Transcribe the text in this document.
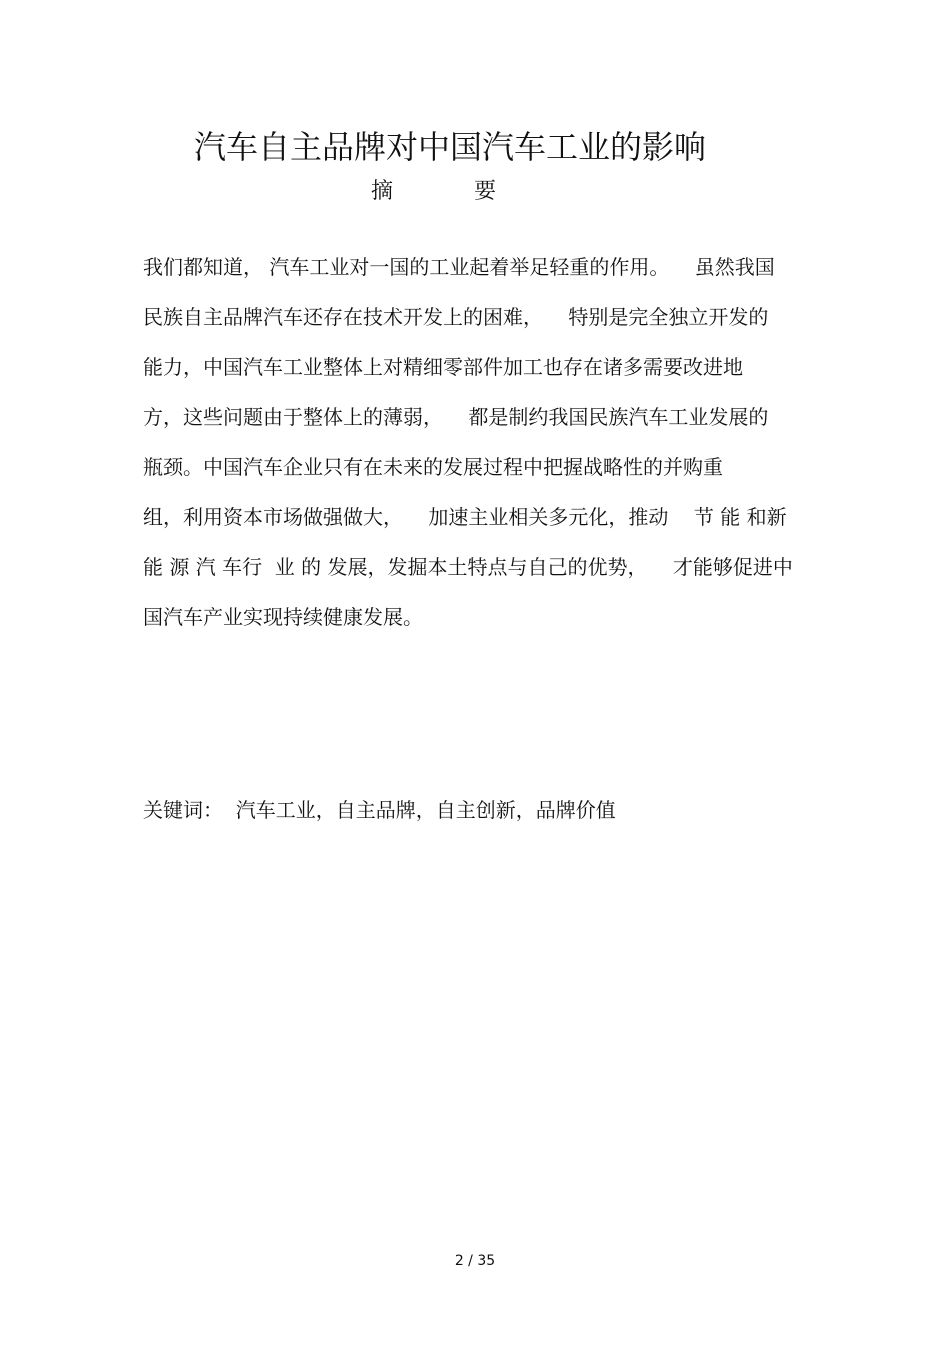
汽车自主品牌对中国汽车工业的影响
摘	要
我们都知道， 汽车工业对一国的工业起着举足轻重的作用。    虽然我国
民族自主品牌汽车还存在技术开发上的困难，    特别是完全独立开发的
能力，中国汽车工业整体上对精细零部件加工也存在诸多需要改进地
方，这些问题由于整体上的薄弱，    都是制约我国民族汽车工业发展的
瓶颈。中国汽车企业只有在未来的发展过程中把握战略性的并购重
组，利用资本市场做强做大，    加速主业相关多元化，推动    节 能 和新
能 源 汽 车行  业 的 发展，发掘本土特点与自己的优势，    才能够促进中
国汽车产业实现持续健康发展。
关键词：  汽车工业，自主品牌，自主创新，品牌价值
2 / 35
